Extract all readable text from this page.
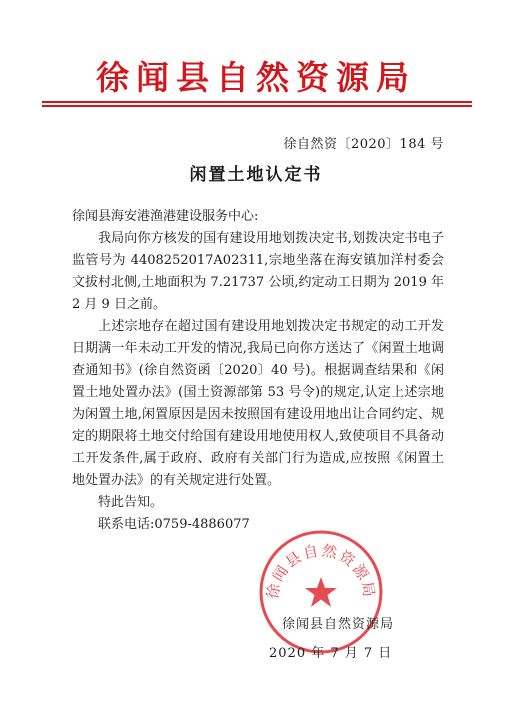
徐闻县自然资源局
徐自然资〔2020〕184 号
闲置土地认定书

徐闻县海安港渔港建设服务中心:

我局向你方核发的国有建设用地划拨决定书,划拨决定书电子监管号为 4408252017A02311,宗地坐落在海安镇加洋村委会文拔村北侧,土地面积为 7.21737 公顷,约定动工日期为 2019 年 2 月 9 日之前。

上述宗地存在超过国有建设用地划拨决定书规定的动工开发日期满一年未动工开发的情况,我局已向你方送达了《闲置土地调查通知书》(徐自然资函〔2020〕40 号)。根据调查结果和《闲置土地处置办法》(国土资源部第 53 号令)的规定,认定上述宗地为闲置土地,闲置原因是因未按照国有建设用地出让合同约定、规定的期限将土地交付给国有建设用地使用权人,致使项目不具备动工开发条件,属于政府、政府有关部门行为造成,应按照《闲置土地处置办法》的有关规定进行处置。

特此告知。

联系电话:0759-4886077

徐闻县自然资源局
徐闻县自然资源局
2020 年 7 月 7 日
